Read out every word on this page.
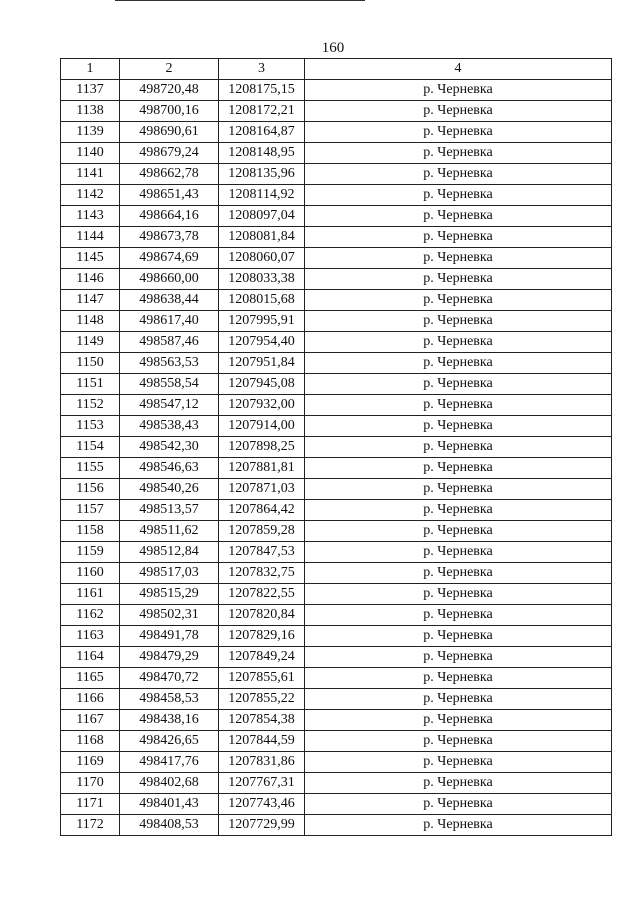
160
1	2	3	4
1137	498720,48	1208175,15	р. Черневка
1138	498700,16	1208172,21	р. Черневка
1139	498690,61	1208164,87	р. Черневка
1140	498679,24	1208148,95	р. Черневка
1141	498662,78	1208135,96	р. Черневка
1142	498651,43	1208114,92	р. Черневка
1143	498664,16	1208097,04	р. Черневка
1144	498673,78	1208081,84	р. Черневка
1145	498674,69	1208060,07	р. Черневка
1146	498660,00	1208033,38	р. Черневка
1147	498638,44	1208015,68	р. Черневка
1148	498617,40	1207995,91	р. Черневка
1149	498587,46	1207954,40	р. Черневка
1150	498563,53	1207951,84	р. Черневка
1151	498558,54	1207945,08	р. Черневка
1152	498547,12	1207932,00	р. Черневка
1153	498538,43	1207914,00	р. Черневка
1154	498542,30	1207898,25	р. Черневка
1155	498546,63	1207881,81	р. Черневка
1156	498540,26	1207871,03	р. Черневка
1157	498513,57	1207864,42	р. Черневка
1158	498511,62	1207859,28	р. Черневка
1159	498512,84	1207847,53	р. Черневка
1160	498517,03	1207832,75	р. Черневка
1161	498515,29	1207822,55	р. Черневка
1162	498502,31	1207820,84	р. Черневка
1163	498491,78	1207829,16	р. Черневка
1164	498479,29	1207849,24	р. Черневка
1165	498470,72	1207855,61	р. Черневка
1166	498458,53	1207855,22	р. Черневка
1167	498438,16	1207854,38	р. Черневка
1168	498426,65	1207844,59	р. Черневка
1169	498417,76	1207831,86	р. Черневка
1170	498402,68	1207767,31	р. Черневка
1171	498401,43	1207743,46	р. Черневка
1172	498408,53	1207729,99	р. Черневка
